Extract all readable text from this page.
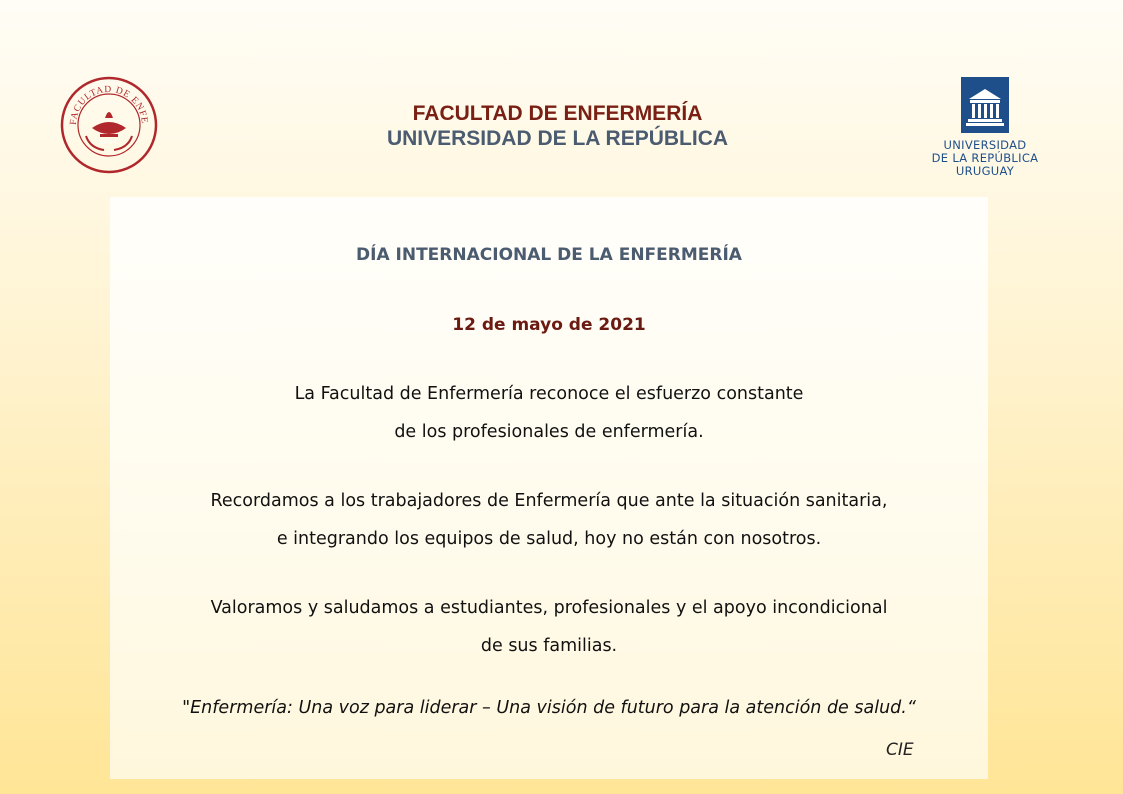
FACULTAD DE ENFE
MCML
FACULTAD DE ENFERMERÍA
UNIVERSIDAD DE LA REPÚBLICA	UNIVERSIDAD
DE LA REPÚBLICA
URUGUAY
DÍA INTERNACIONAL DE LA ENFERMERÍA
12 de mayo de 2021
La Facultad de Enfermería reconoce el esfuerzo constante
de los profesionales de enfermería.
Recordamos a los trabajadores de Enfermería que ante la situación sanitaria,
e integrando los equipos de salud, hoy no están con nosotros.
Valoramos y saludamos a estudiantes, profesionales y el apoyo incondicional
de sus familias.
"Enfermería: Una voz para liderar – Una visión de futuro para la atención de salud.“
CIE
